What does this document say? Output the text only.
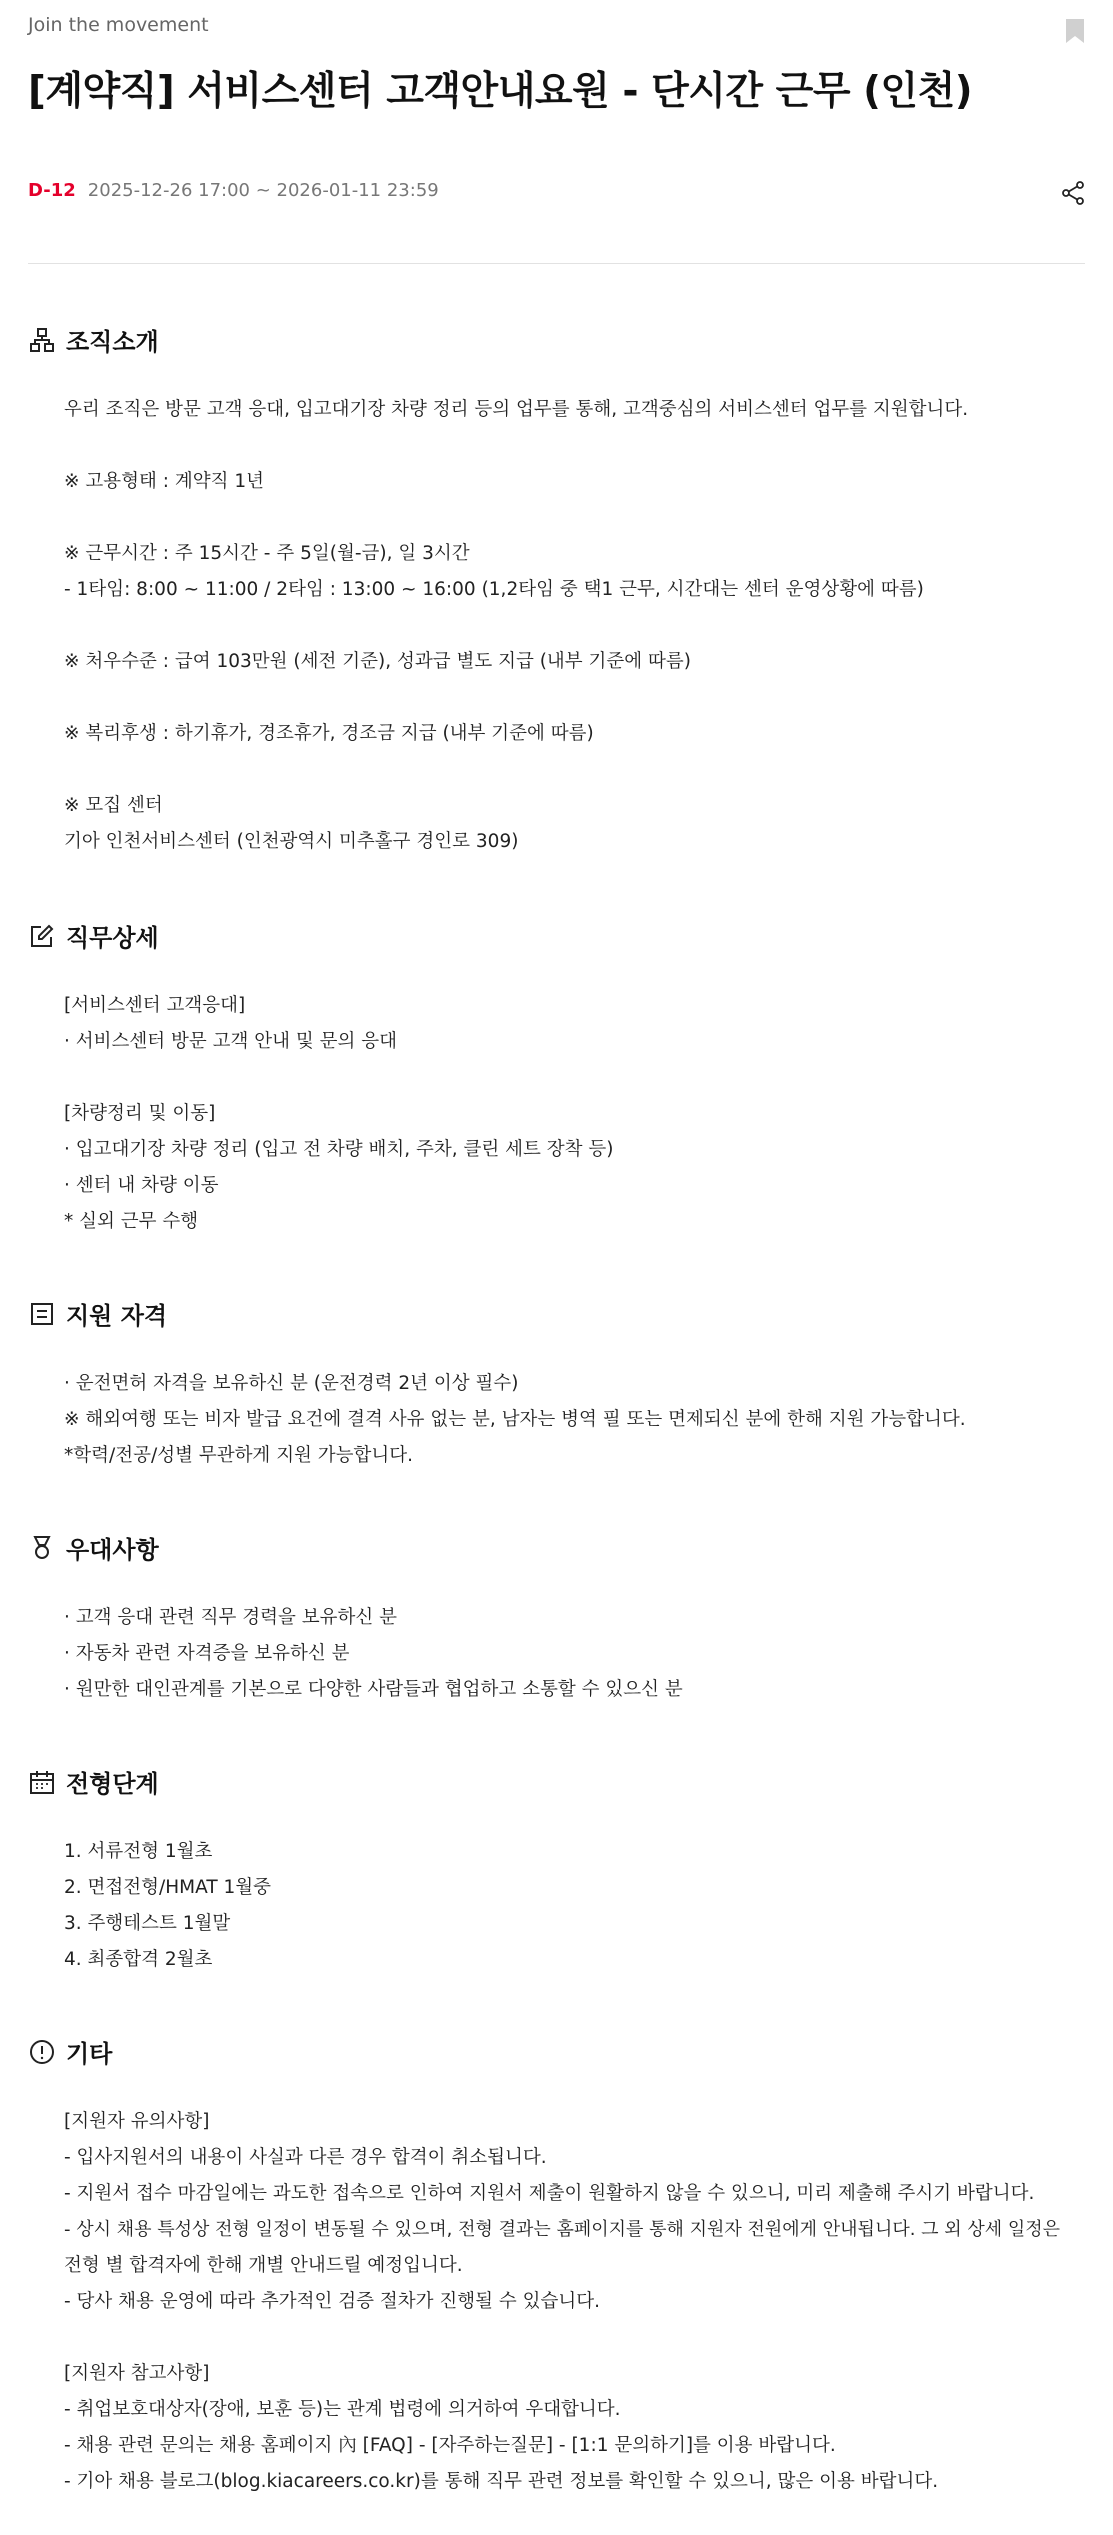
Join the movement
[계약직] 서비스센터 고객안내요원 - 단시간 근무 (인천)
D-12 2025-12-26 17:00 ~ 2026-01-11 23:59
조직소개
우리 조직은 방문 고객 응대, 입고대기장 차량 정리 등의 업무를 통해, 고객중심의 서비스센터 업무를 지원합니다.
※ 고용형태 : 계약직 1년
※ 근무시간 : 주 15시간 - 주 5일(월-금), 일 3시간
- 1타임: 8:00 ~ 11:00 / 2타임 : 13:00 ~ 16:00 (1,2타임 중 택1 근무, 시간대는 센터 운영상황에 따름)
※ 처우수준 : 급여 103만원 (세전 기준), 성과급 별도 지급 (내부 기준에 따름)
※ 복리후생 : 하기휴가, 경조휴가, 경조금 지급 (내부 기준에 따름)
※ 모집 센터
기아 인천서비스센터 (인천광역시 미추홀구 경인로 309)
직무상세
[서비스센터 고객응대]
· 서비스센터 방문 고객 안내 및 문의 응대
[차량정리 및 이동]
· 입고대기장 차량 정리 (입고 전 차량 배치, 주차, 클린 세트 장착 등)
· 센터 내 차량 이동
* 실외 근무 수행
지원 자격
· 운전면허 자격을 보유하신 분 (운전경력 2년 이상 필수)
※ 해외여행 또는 비자 발급 요건에 결격 사유 없는 분, 남자는 병역 필 또는 면제되신 분에 한해 지원 가능합니다.
*학력/전공/성별 무관하게 지원 가능합니다.
우대사항
· 고객 응대 관련 직무 경력을 보유하신 분
· 자동차 관련 자격증을 보유하신 분
· 원만한 대인관계를 기본으로 다양한 사람들과 협업하고 소통할 수 있으신 분
전형단계
1. 서류전형 1월초
2. 면접전형/HMAT 1월중
3. 주행테스트 1월말
4. 최종합격 2월초
기타
[지원자 유의사항]
- 입사지원서의 내용이 사실과 다른 경우 합격이 취소됩니다.
- 지원서 접수 마감일에는 과도한 접속으로 인하여 지원서 제출이 원활하지 않을 수 있으니, 미리 제출해 주시기 바랍니다.
- 상시 채용 특성상 전형 일정이 변동될 수 있으며, 전형 결과는 홈페이지를 통해 지원자 전원에게 안내됩니다. 그 외 상세 일정은
전형 별 합격자에 한해 개별 안내드릴 예정입니다.
- 당사 채용 운영에 따라 추가적인 검증 절차가 진행될 수 있습니다.
[지원자 참고사항]
- 취업보호대상자(장애, 보훈 등)는 관계 법령에 의거하여 우대합니다.
- 채용 관련 문의는 채용 홈페이지 內 [FAQ] - [자주하는질문] - [1:1 문의하기]를 이용 바랍니다.
- 기아 채용 블로그(blog.kiacareers.co.kr)를 통해 직무 관련 정보를 확인할 수 있으니, 많은 이용 바랍니다.
